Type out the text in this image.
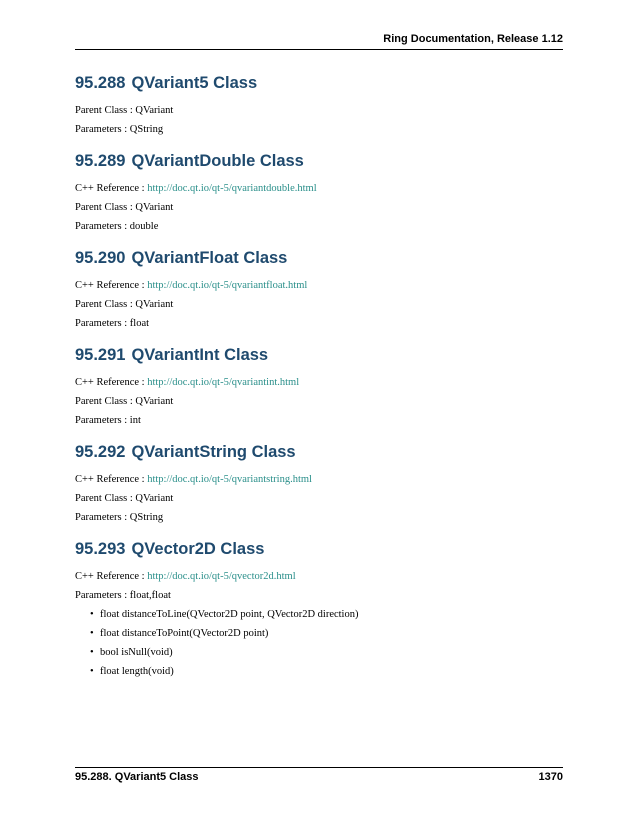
Ring Documentation, Release 1.12
95.288 QVariant5 Class

Parent Class : QVariant

Parameters : QString

95.289 QVariantDouble Class

C++ Reference : http://doc.qt.io/qt-5/qvariantdouble.html

Parent Class : QVariant

Parameters : double

95.290 QVariantFloat Class

C++ Reference : http://doc.qt.io/qt-5/qvariantfloat.html

Parent Class : QVariant

Parameters : float

95.291 QVariantInt Class

C++ Reference : http://doc.qt.io/qt-5/qvariantint.html

Parent Class : QVariant

Parameters : int

95.292 QVariantString Class

C++ Reference : http://doc.qt.io/qt-5/qvariantstring.html

Parent Class : QVariant

Parameters : QString

95.293 QVector2D Class

C++ Reference : http://doc.qt.io/qt-5/qvector2d.html

Parameters : float,float

• float distanceToLine(QVector2D point, QVector2D direction)
• float distanceToPoint(QVector2D point)
• bool isNull(void)
• float length(void)
95.288. QVariant5 Class	1370
